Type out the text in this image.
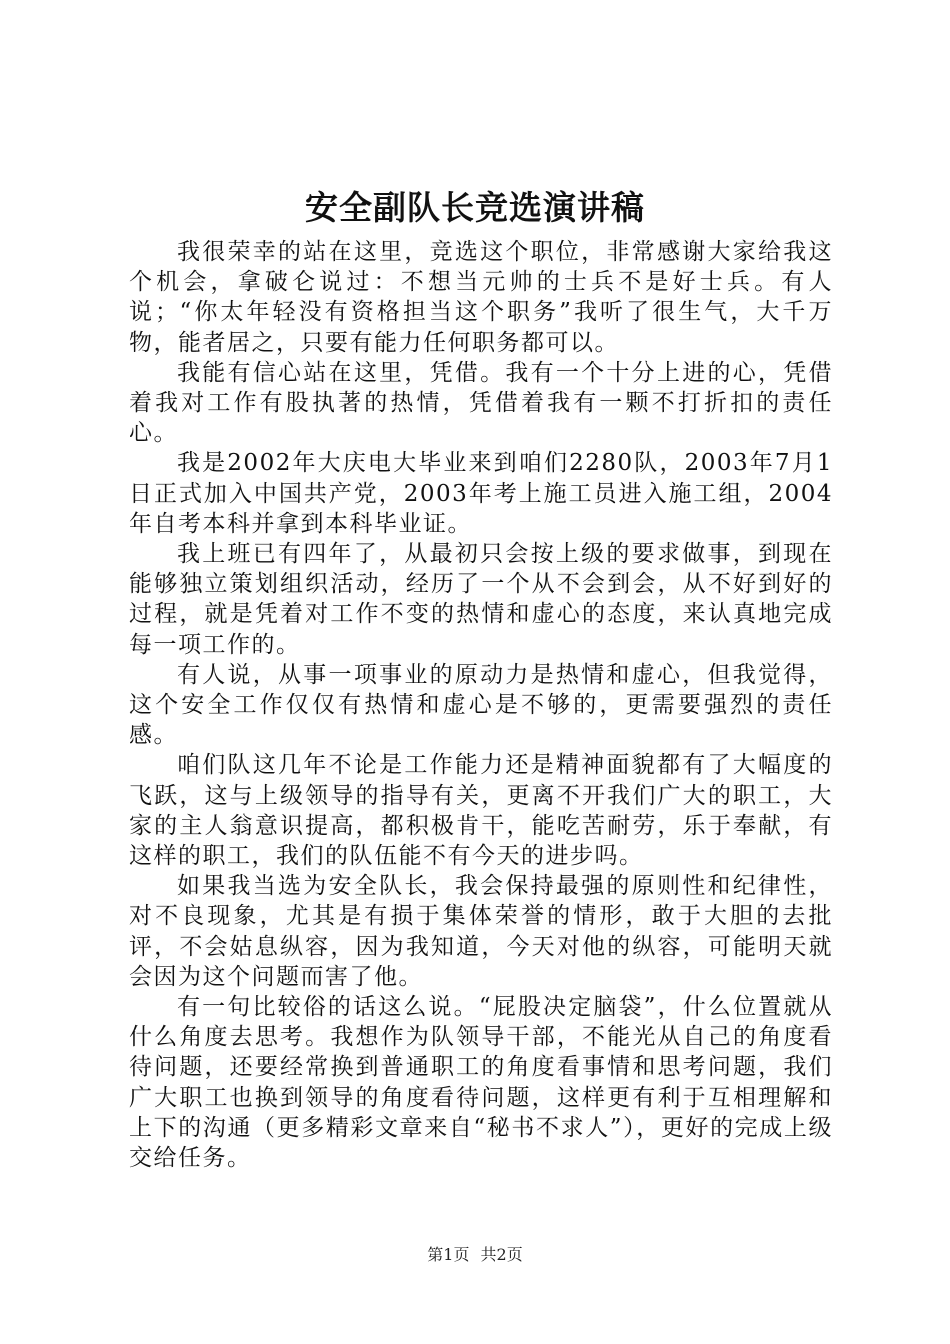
安全副队长竞选演讲稿

我很荣幸的站在这里，竞选这个职位，非常感谢大家给我这个机会，拿破仑说过：不想当元帅的士兵不是好士兵。有人说；“你太年轻没有资格担当这个职务”我听了很生气，大千万物，能者居之，只要有能力任何职务都可以。

我能有信心站在这里，凭借。我有一个十分上进的心，凭借着我对工作有股执著的热情，凭借着我有一颗不打折扣的责任心。

我是2002年大庆电大毕业来到咱们2280队，2003年7月1日正式加入中国共产党，2003年考上施工员进入施工组，2004年自考本科并拿到本科毕业证。

我上班已有四年了，从最初只会按上级的要求做事，到现在能够独立策划组织活动，经历了一个从不会到会，从不好到好的过程，就是凭着对工作不变的热情和虚心的态度，来认真地完成每一项工作的。

有人说，从事一项事业的原动力是热情和虚心，但我觉得，这个安全工作仅仅有热情和虚心是不够的，更需要强烈的责任感。

咱们队这几年不论是工作能力还是精神面貌都有了大幅度的飞跃，这与上级领导的指导有关，更离不开我们广大的职工，大家的主人翁意识提高，都积极肯干，能吃苦耐劳，乐于奉献，有这样的职工，我们的队伍能不有今天的进步吗。

如果我当选为安全队长，我会保持最强的原则性和纪律性，对不良现象，尤其是有损于集体荣誉的情形，敢于大胆的去批评，不会姑息纵容，因为我知道，今天对他的纵容，可能明天就会因为这个问题而害了他。

有一句比较俗的话这么说。“屁股决定脑袋”，什么位置就从什么角度去思考。我想作为队领导干部，不能光从自己的角度看待问题，还要经常换到普通职工的角度看事情和思考问题，我们广大职工也换到领导的角度看待问题，这样更有利于互相理解和上下的沟通（更多精彩文章来自“秘书不求人”），更好的完成上级交给任务。

第1页 共2页
